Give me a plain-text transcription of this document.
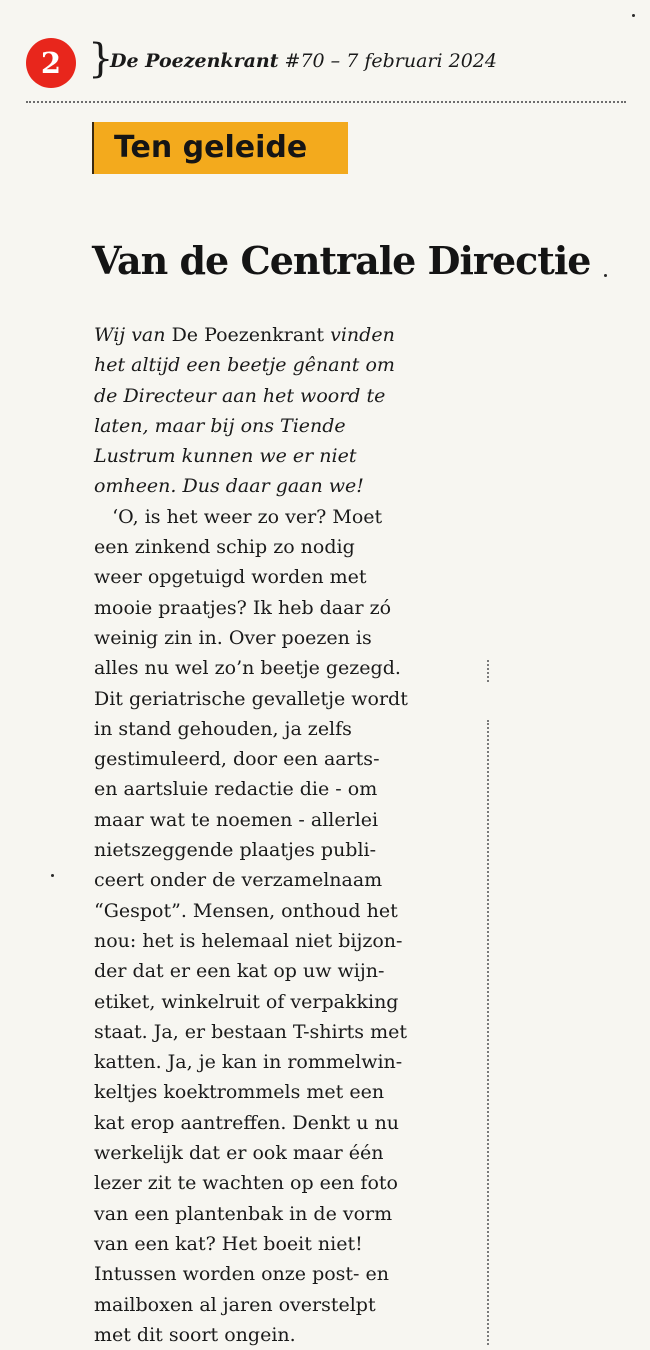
2 }
De Poezenkrant #70 – 7 februari 2024
Ten geleide
Van de Centrale Directie

Wij van De Poezenkrant vinden
het altijd een beetje gênant om
de Directeur aan het woord te
laten, maar bij ons Tiende
Lustrum kunnen we er niet
omheen. Dus daar gaan we!

‘O, is het weer zo ver? Moet
een zinkend schip zo nodig
weer opgetuigd worden met
mooie praatjes? Ik heb daar zó
weinig zin in. Over poezen is
alles nu wel zo’n beetje gezegd.
Dit geriatrische gevalletje wordt
in stand gehouden, ja zelfs
gestimuleerd, door een aarts-
en aartsluie redactie die - om
maar wat te noemen - allerlei
nietszeggende plaatjes publi-
ceert onder de verzamelnaam
“Gespot”. Mensen, onthoud het
nou: het is helemaal niet bijzon-
der dat er een kat op uw wijn-
etiket, winkelruit of verpakking
staat. Ja, er bestaan T-shirts met
katten. Ja, je kan in rommelwin-
keltjes koektrommels met een
kat erop aantreffen. Denkt u nu
werkelijk dat er ook maar één
lezer zit te wachten op een foto
van een plantenbak in de vorm
van een kat? Het boeit niet!
Intussen worden onze post- en
mailboxen al jaren overstelpt
met dit soort ongein.
